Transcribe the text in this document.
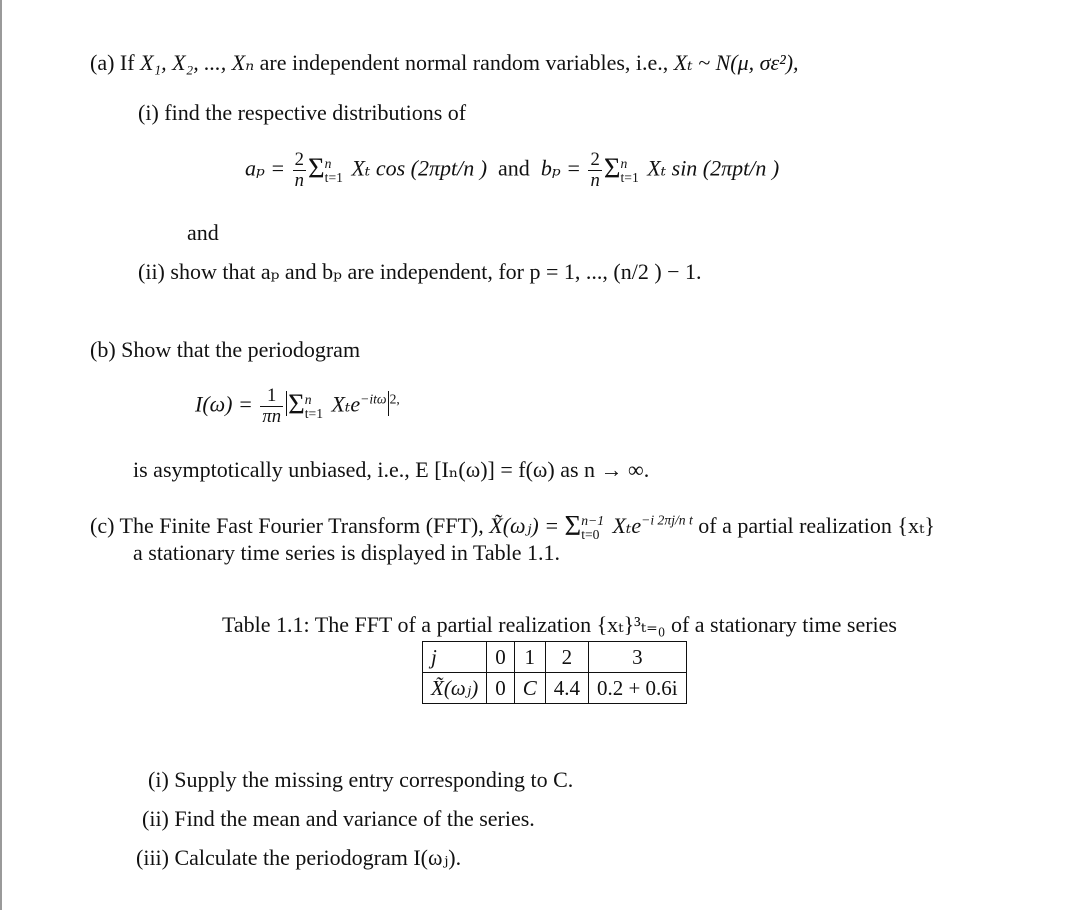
(a) If X₁, X₂, ..., Xₙ are independent normal random variables, i.e., Xₜ ~ N(μ, σε²),
(i) find the respective distributions of
$a_p = \frac{2}{n}$ Σ n
t=1 Xₜ cos (2πpt/n ) and $b_p = \frac{2}{n}$ Σ n
t=1 Xₜ sin (2πpt/n )
and
(ii) show that aₚ and bₚ are independent, for p = 1, ..., (n/2 ) − 1.
(b) Show that the periodogram
$I(\omega) = \frac{1}{\pi n}$ Σ n
t=1 Xₜe$^{-it\omega}$ $^{2,}$
is asymptotically unbiased, i.e., E [Iₙ(ω)] = f(ω) as n → ∞.
(c) The Finite Fast Fourier Transform (FFT), X̃(ωⱼ) = Σ n−1
t=0 Xₜe$^{-i 2\pi j/n t}$ of a partial realization {xₜ}
a stationary time series is displayed in Table 1.1.
Table 1.1: The FFT of a partial realization {xₜ}³ₜ₌₀ of a stationary time series
j	0	1	2	3
X̃(ωⱼ)	0	C	4.4	0.2 + 0.6i
(i) Supply the missing entry corresponding to C.
(ii) Find the mean and variance of the series.
(iii) Calculate the periodogram I(ωⱼ).
